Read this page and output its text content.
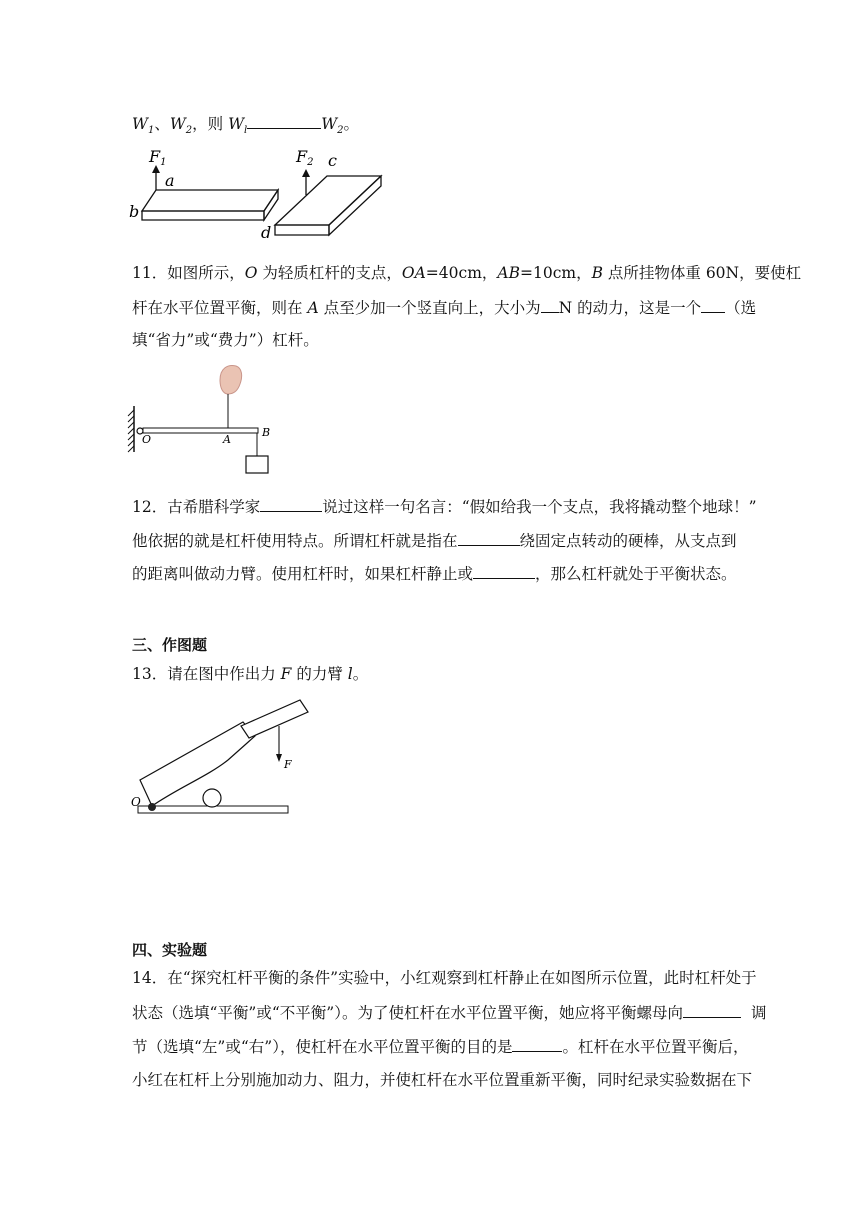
$W_1$、$W_2$，则 $W_l$	$W_2$。
F1
a
b
F2 c
d
11．如图所示，O 为轻质杠杆的支点，OA=40cm，AB=10cm，B 点所挂物体重 60N，要使杠
杆在水平位置平衡，则在 A 点至少加一个竖直向上，大小为 N 的动力，这是一个 （选
填“省力”或“费力”）杠杆。
O	A
B
12．古希腊科学家	说过这样一句名言：“假如给我一个支点，我将撬动整个地球！”
他依据的就是杠杆使用特点。所谓杠杆就是指在	绕固定点转动的硬棒，从支点到
的距离叫做动力臂。使用杠杆时，如果杠杆静止或	，那么杠杆就处于平衡状态。
三、作图题
13．请在图中作出力 F 的力臂 l。
F
O
四、实验题
14．在“探究杠杆平衡的条件”实验中，小红观察到杠杆静止在如图所示位置，此时杠杆处于
状态（选填“平衡”或“不平衡”）。为了使杠杆在水平位置平衡，她应将平衡螺母向	调
节（选填“左”或“右”），使杠杆在水平位置平衡的目的是	。杠杆在水平位置平衡后，
小红在杠杆上分别施加动力、阻力，并使杠杆在水平位置重新平衡，同时纪录实验数据在下
